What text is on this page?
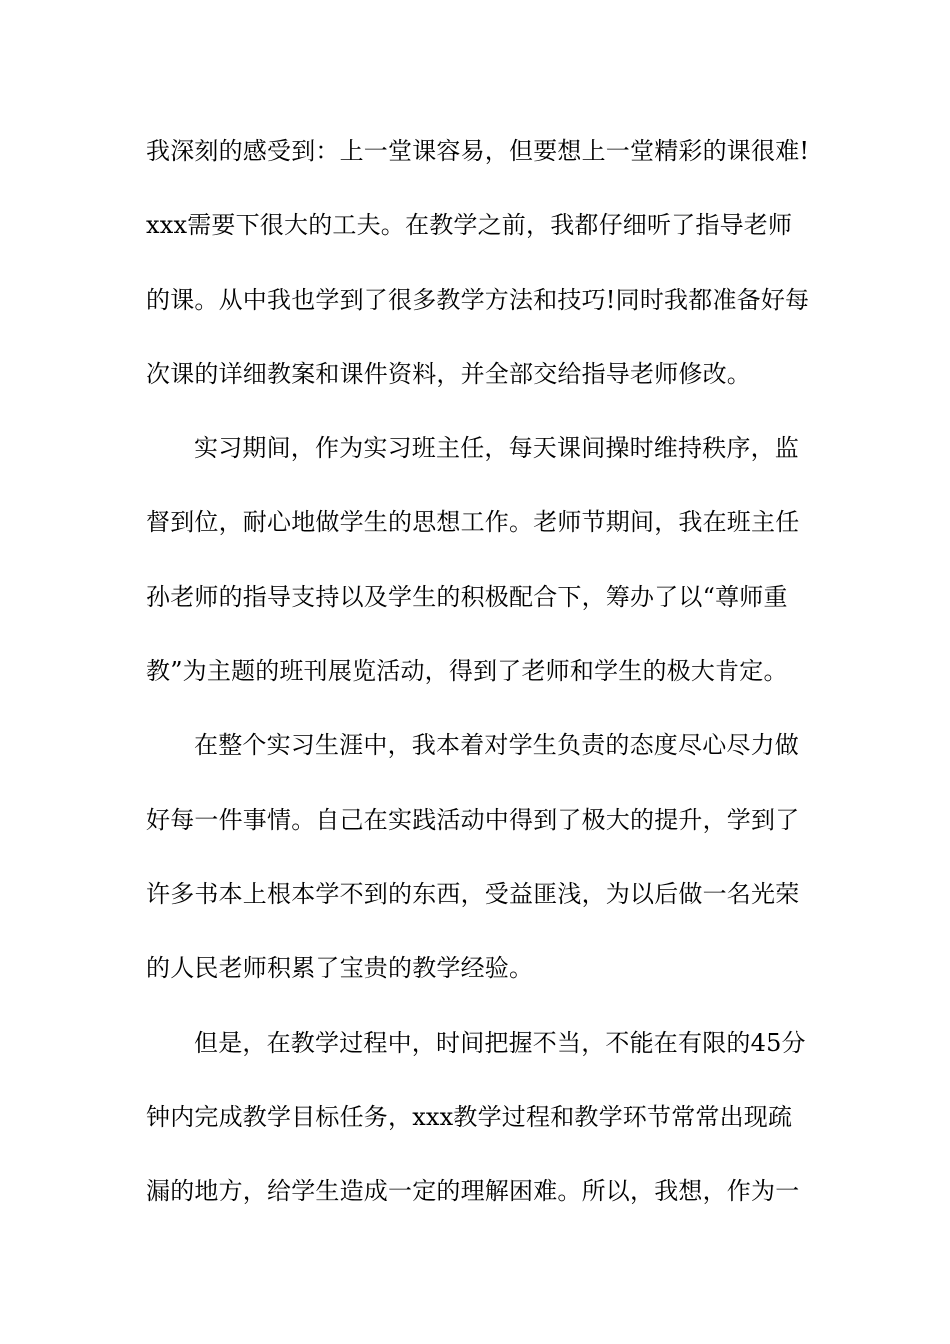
我深刻的感受到：上一堂课容易，但要想上一堂精彩的课很难!
xxx需要下很大的工夫。在教学之前，我都仔细听了指导老师
的课。从中我也学到了很多教学方法和技巧!同时我都准备好每
次课的详细教案和课件资料，并全部交给指导老师修改。
实习期间，作为实习班主任，每天课间操时维持秩序，监
督到位，耐心地做学生的思想工作。老师节期间，我在班主任
孙老师的指导支持以及学生的积极配合下，筹办了以“尊师重
教”为主题的班刊展览活动，得到了老师和学生的极大肯定。
在整个实习生涯中，我本着对学生负责的态度尽心尽力做
好每一件事情。自己在实践活动中得到了极大的提升，学到了
许多书本上根本学不到的东西，受益匪浅，为以后做一名光荣
的人民老师积累了宝贵的教学经验。
但是，在教学过程中，时间把握不当，不能在有限的45分
钟内完成教学目标任务，xxx教学过程和教学环节常常出现疏
漏的地方，给学生造成一定的理解困难。所以，我想，作为一
